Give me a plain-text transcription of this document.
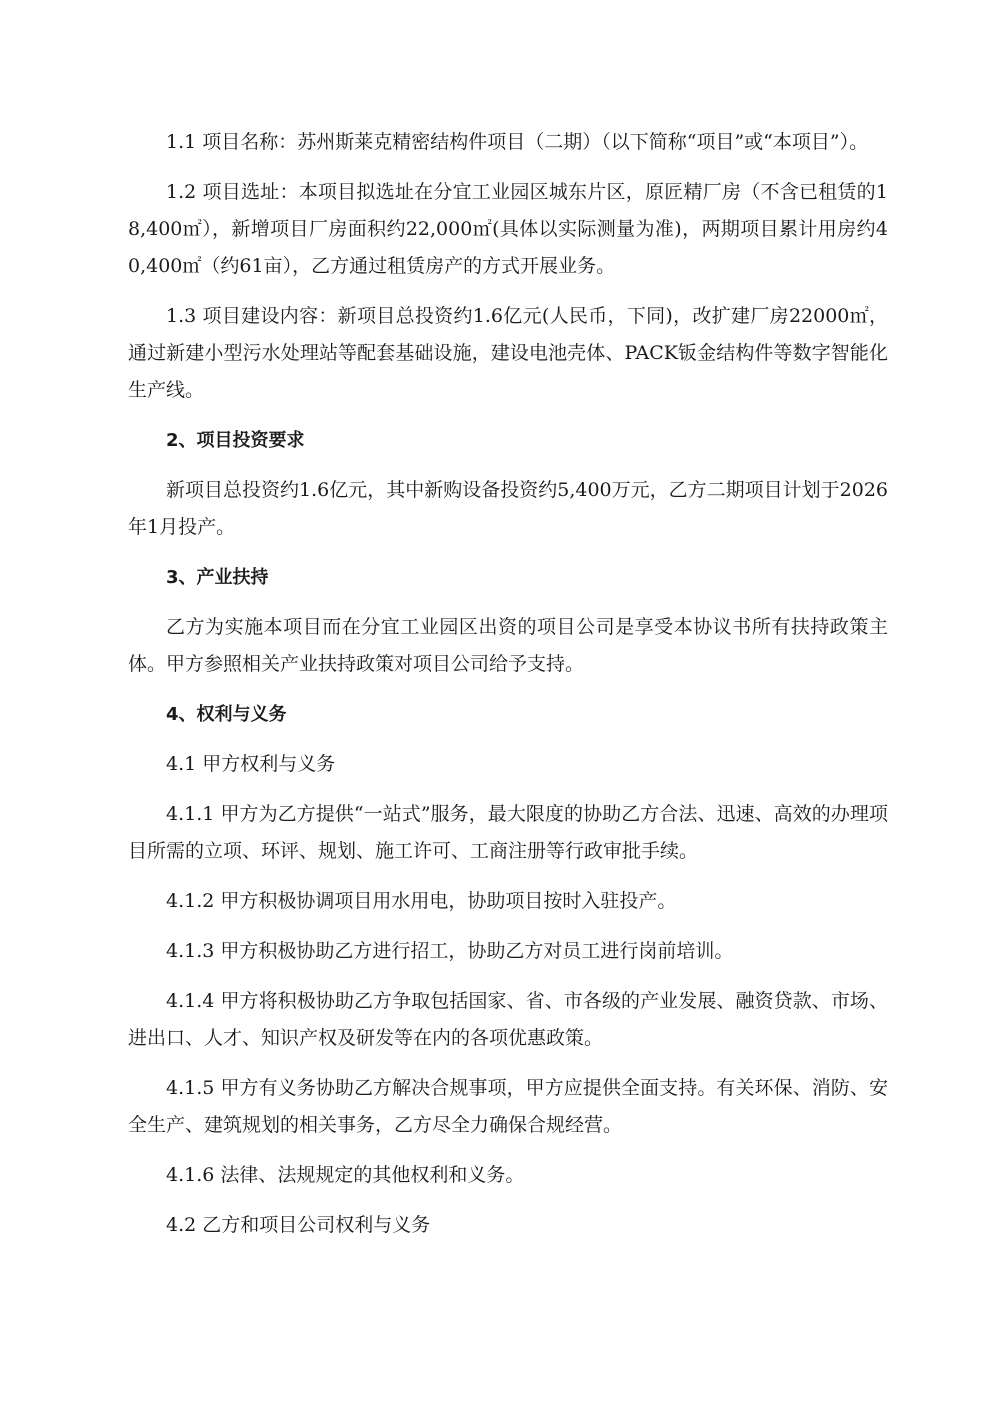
1.1 项目名称：苏州斯莱克精密结构件项目（二期）（以下简称“项目”或“本项目”）。

1.2 项目选址：本项目拟选址在分宜工业园区城东片区，原匠精厂房（不含已租赁的18,400㎡），新增项目厂房面积约22,000㎡(具体以实际测量为准)，两期项目累计用房约40,400㎡（约61亩），乙方通过租赁房产的方式开展业务。

1.3 项目建设内容：新项目总投资约1.6亿元(人民币，下同)，改扩建厂房22000㎡，通过新建小型污水处理站等配套基础设施，建设电池壳体、PACK钣金结构件等数字智能化生产线。

2、项目投资要求

新项目总投资约1.6亿元，其中新购设备投资约5,400万元，乙方二期项目计划于2026年1月投产。

3、产业扶持

乙方为实施本项目而在分宜工业园区出资的项目公司是享受本协议书所有扶持政策主体。甲方参照相关产业扶持政策对项目公司给予支持。

4、权利与义务

4.1 甲方权利与义务

4.1.1 甲方为乙方提供“一站式”服务，最大限度的协助乙方合法、迅速、高效的办理项目所需的立项、环评、规划、施工许可、工商注册等行政审批手续。

4.1.2 甲方积极协调项目用水用电，协助项目按时入驻投产。

4.1.3 甲方积极协助乙方进行招工，协助乙方对员工进行岗前培训。

4.1.4 甲方将积极协助乙方争取包括国家、省、市各级的产业发展、融资贷款、市场、进出口、人才、知识产权及研发等在内的各项优惠政策。

4.1.5 甲方有义务协助乙方解决合规事项，甲方应提供全面支持。有关环保、消防、安全生产、建筑规划的相关事务，乙方尽全力确保合规经营。

4.1.6 法律、法规规定的其他权利和义务。

4.2 乙方和项目公司权利与义务
